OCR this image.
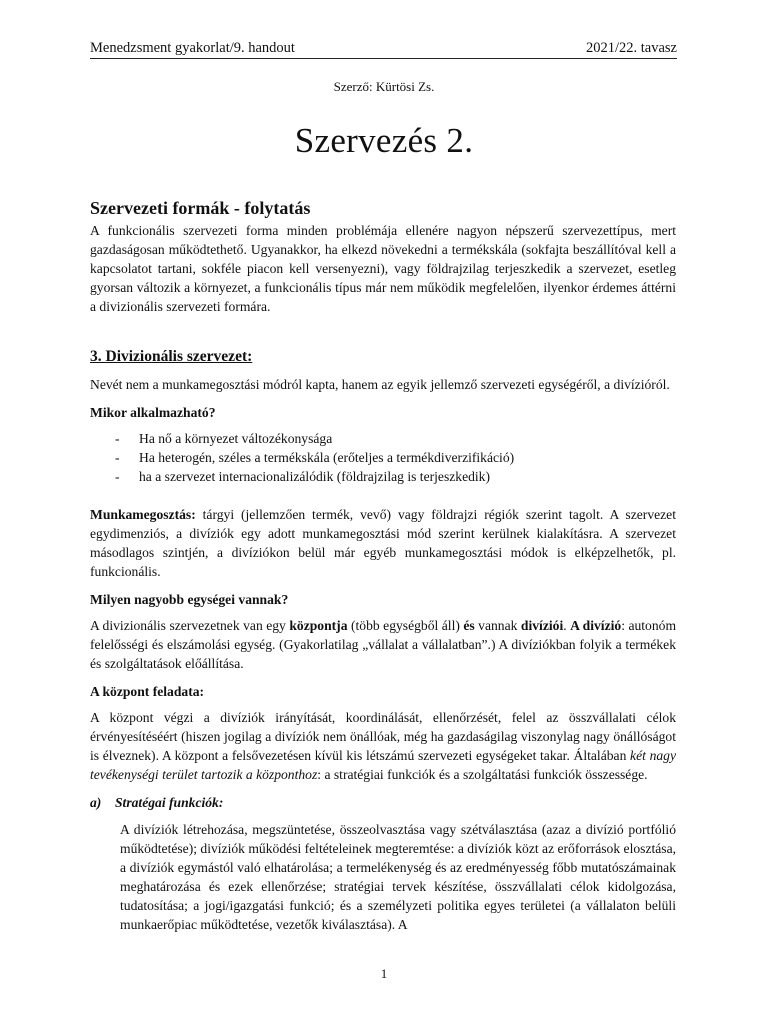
Menedzsment gyakorlat/9. handout	2021/22. tavasz
Szerző: Kürtösi Zs.
Szervezés 2.
Szervezeti formák - folytatás

A funkcionális szervezeti forma minden problémája ellenére nagyon népszerű szervezettípus, mert gazdaságosan működtethető. Ugyanakkor, ha elkezd növekedni a termékskála (sokfajta beszállítóval kell a kapcsolatot tartani, sokféle piacon kell versenyezni), vagy földrajzilag terjeszkedik a szervezet, esetleg gyorsan változik a környezet, a funkcionális típus már nem működik megfelelően, ilyenkor érdemes áttérni a divizionális szervezeti formára.

3. Divizionális szervezet:

Nevét nem a munkamegosztási módról kapta, hanem az egyik jellemző szervezeti egységéről, a divízióról.

Mikor alkalmazható?

- Ha nő a környezet változékonysága
- Ha heterogén, széles a termékskála (erőteljes a termékdiverzifikáció)
- ha a szervezet internacionalizálódik (földrajzilag is terjeszkedik)

Munkamegosztás: tárgyi (jellemzően termék, vevő) vagy földrajzi régiók szerint tagolt. A szervezet egydimenziós, a divíziók egy adott munkamegosztási mód szerint kerülnek kialakításra. A szervezet másodlagos szintjén, a divíziókon belül már egyéb munkamegosztási módok is elképzelhetők, pl. funkcionális.

Milyen nagyobb egységei vannak?

A divizionális szervezetnek van egy központja (több egységből áll) és vannak divíziói. A divízió: autonóm felelősségi és elszámolási egység. (Gyakorlatilag „vállalat a vállalatban”.) A divíziókban folyik a termékek és szolgáltatások előállítása.

A központ feladata:

A központ végzi a divíziók irányítását, koordinálását, ellenőrzését, felel az összvállalati célok érvényesítéséért (hiszen jogilag a divíziók nem önállóak, még ha gazdaságilag viszonylag nagy önállóságot is élveznek). A központ a felsővezetésen kívül kis létszámú szervezeti egységeket takar. Általában két nagy tevékenységi terület tartozik a központhoz: a stratégiai funkciók és a szolgáltatási funkciók összessége.

a) Stratégai funkciók:

A divíziók létrehozása, megszüntetése, összeolvasztása vagy szétválasztása (azaz a divízió portfólió működtetése); divíziók működési feltételeinek megteremtése: a divíziók közt az erőforrások elosztása, a divíziók egymástól való elhatárolása; a termelékenység és az eredményesség főbb mutatószámainak meghatározása és ezek ellenőrzése; stratégiai tervek készítése, összvállalati célok kidolgozása, tudatosítása; a jogi/igazgatási funkció; és a személyzeti politika egyes területei (a vállalaton belüli munkaerőpiac működtetése, vezetők kiválasztása). A

1
